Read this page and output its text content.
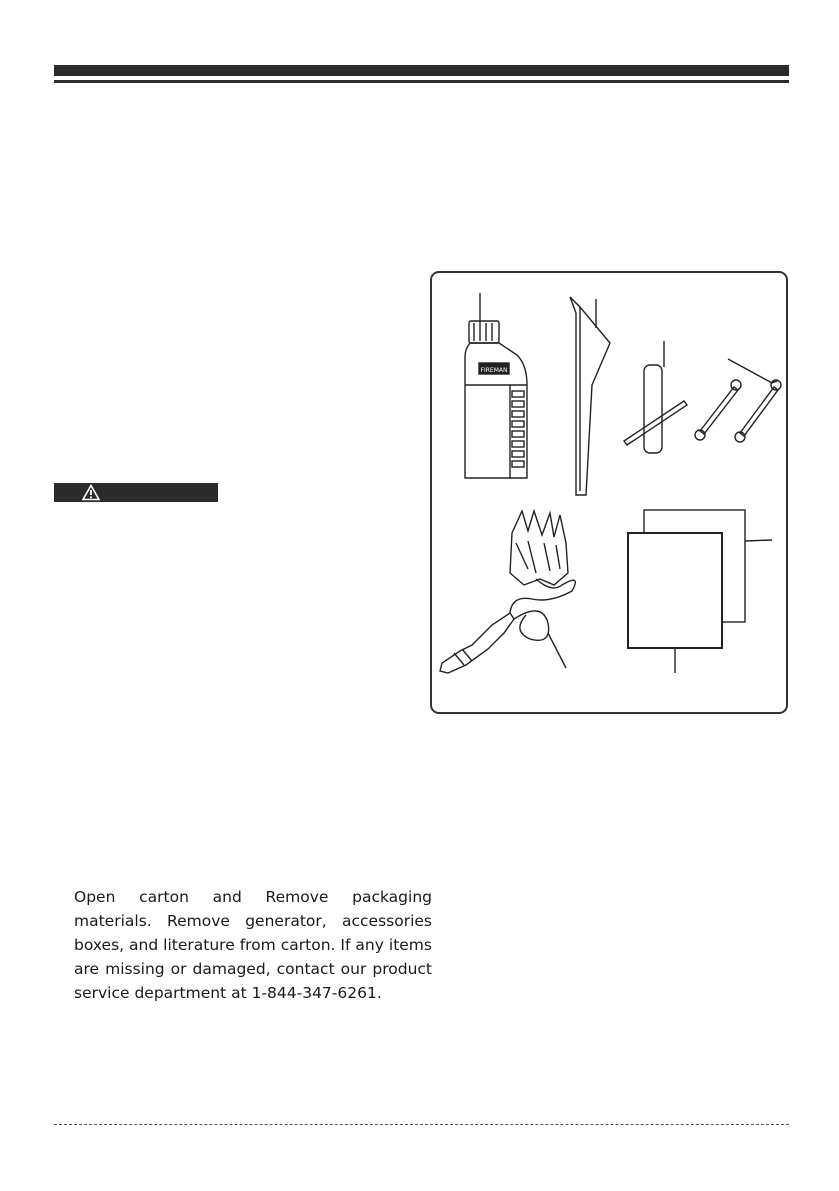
FIREMAN

Open carton and Remove packaging materials. Remove generator, accessories boxes, and literature from carton. If any items are missing or damaged, contact our product service department at 1-844-347-6261.
